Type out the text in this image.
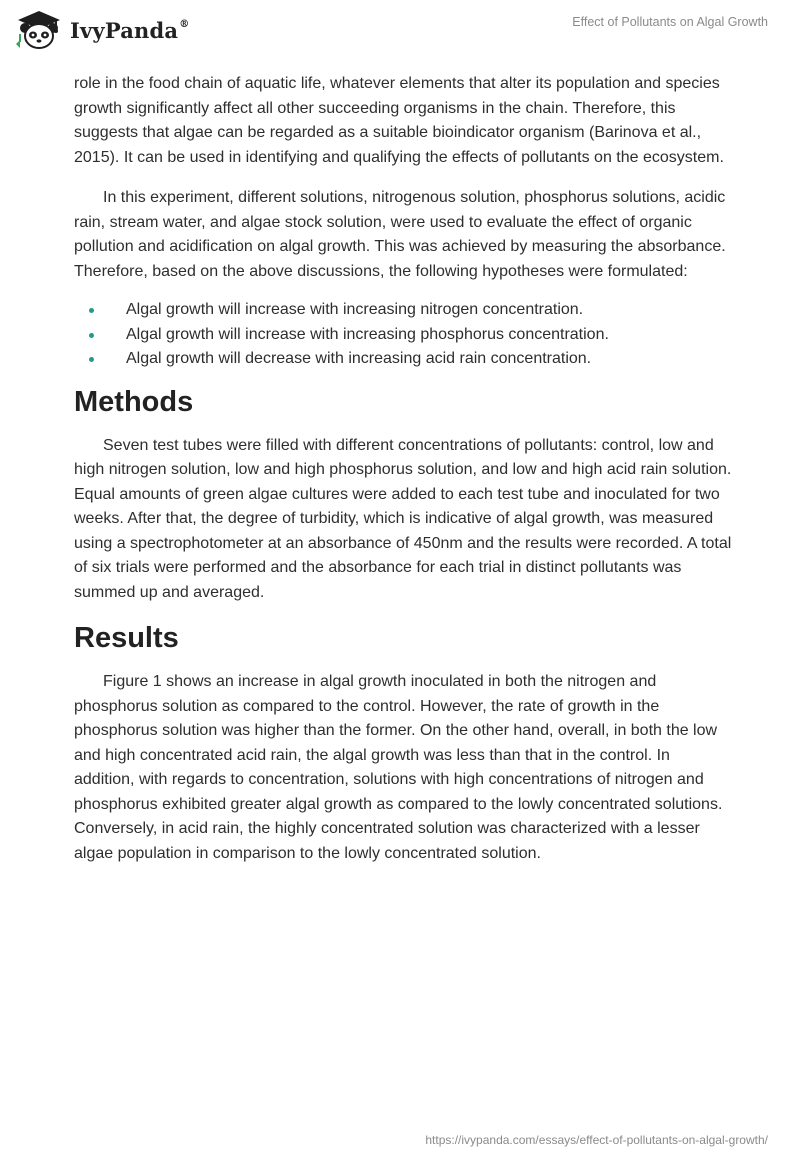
IvyPanda®	Effect of Pollutants on Algal Growth

role in the food chain of aquatic life, whatever elements that alter its population and species growth significantly affect all other succeeding organisms in the chain. Therefore, this suggests that algae can be regarded as a suitable bioindicator organism (Barinova et al., 2015). It can be used in identifying and qualifying the effects of pollutants on the ecosystem.

In this experiment, different solutions, nitrogenous solution, phosphorus solutions, acidic rain, stream water, and algae stock solution, were used to evaluate the effect of organic pollution and acidification on algal growth. This was achieved by measuring the absorbance. Therefore, based on the above discussions, the following hypotheses were formulated:

Algal growth will increase with increasing nitrogen concentration.
Algal growth will increase with increasing phosphorus concentration.
Algal growth will decrease with increasing acid rain concentration.
Methods

Seven test tubes were filled with different concentrations of pollutants: control, low and high nitrogen solution, low and high phosphorus solution, and low and high acid rain solution. Equal amounts of green algae cultures were added to each test tube and inoculated for two weeks. After that, the degree of turbidity, which is indicative of algal growth, was measured using a spectrophotometer at an absorbance of 450nm and the results were recorded. A total of six trials were performed and the absorbance for each trial in distinct pollutants was summed up and averaged.

Results

Figure 1 shows an increase in algal growth inoculated in both the nitrogen and phosphorus solution as compared to the control. However, the rate of growth in the phosphorus solution was higher than the former. On the other hand, overall, in both the low and high concentrated acid rain, the algal growth was less than that in the control. In addition, with regards to concentration, solutions with high concentrations of nitrogen and phosphorus exhibited greater algal growth as compared to the lowly concentrated solutions. Conversely, in acid rain, the highly concentrated solution was characterized with a lesser algae population in comparison to the lowly concentrated solution.

https://ivypanda.com/essays/effect-of-pollutants-on-algal-growth/
